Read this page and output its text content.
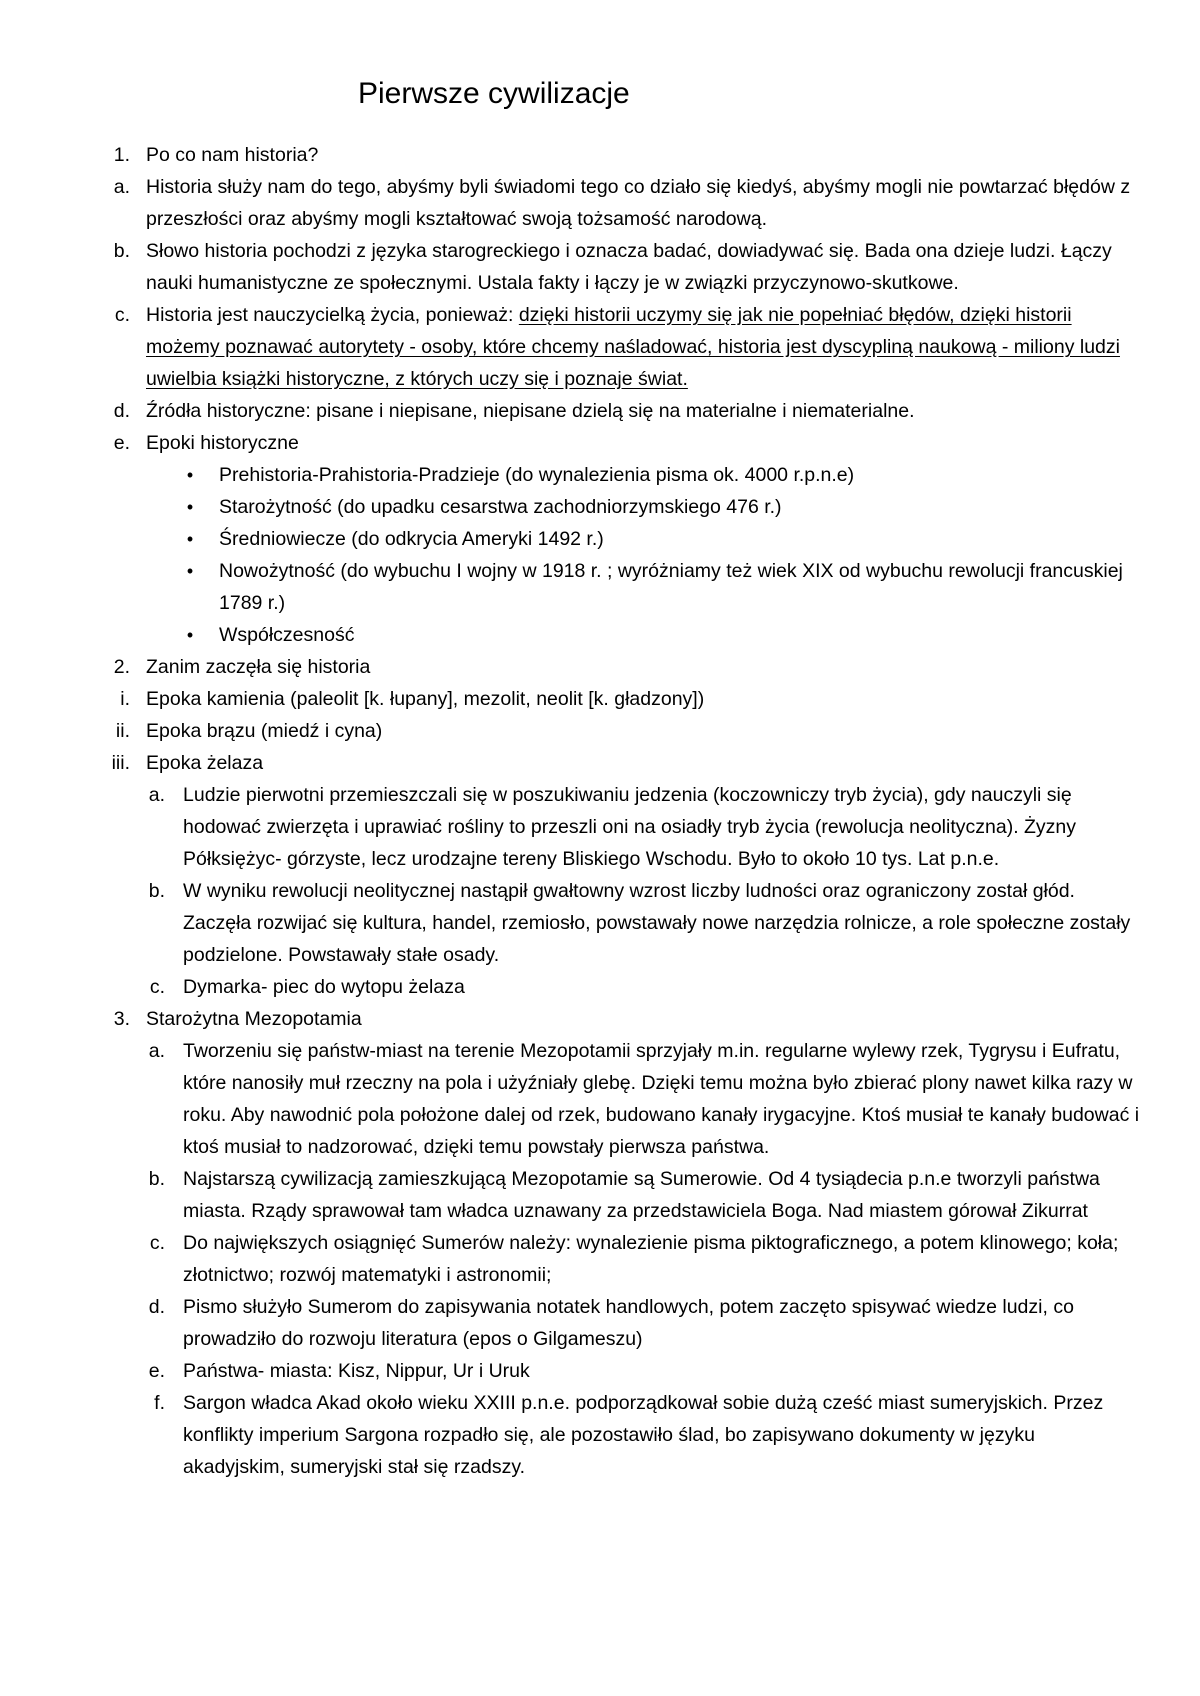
Pierwsze cywilizacje
1. Po co nam historia?
a. Historia służy nam do tego, abyśmy byli świadomi tego co działo się kiedyś, abyśmy mogli nie powtarzać błędów z przeszłości oraz abyśmy mogli kształtować swoją tożsamość narodową.
b. Słowo historia pochodzi z języka starogreckiego i oznacza badać, dowiadywać się. Bada ona dzieje ludzi. Łączy nauki humanistyczne ze społecznymi. Ustala fakty i łączy je w związki przyczynowo-skutkowe.
c. Historia jest nauczycielką życia, ponieważ: dzięki historii uczymy się jak nie popełniać błędów, dzięki historii możemy poznawać autorytety - osoby, które chcemy naśladować, historia jest dyscypliną naukową - miliony ludzi uwielbia książki historyczne, z których uczy się i poznaje świat.
d. Źródła historyczne: pisane i niepisane, niepisane dzielą się na materialne i niematerialne.
e. Epoki historyczne
•	Prehistoria-Prahistoria-Pradzieje (do wynalezienia pisma ok. 4000 r.p.n.e)
•	Starożytność (do upadku cesarstwa zachodniorzymskiego 476 r.)
•	Średniowiecze (do odkrycia Ameryki 1492 r.)
•	Nowożytność (do wybuchu I wojny w 1918 r. ; wyróżniamy też wiek XIX od wybuchu rewolucji francuskiej 1789 r.)
•	Współczesność
2. Zanim zaczęła się historia
i. Epoka kamienia (paleolit [k. łupany], mezolit, neolit [k. gładzony])
ii. Epoka brązu (miedź i cyna)
iii. Epoka żelaza
a. Ludzie pierwotni przemieszczali się w poszukiwaniu jedzenia (koczowniczy tryb życia), gdy nauczyli się hodować zwierzęta i uprawiać rośliny to przeszli oni na osiadły tryb życia (rewolucja neolityczna). Żyzny Półksiężyc- górzyste, lecz urodzajne tereny Bliskiego Wschodu. Było to około 10 tys. Lat p.n.e.
b. W wyniku rewolucji neolitycznej nastąpił gwałtowny wzrost liczby ludności oraz ograniczony został głód. Zaczęła rozwijać się kultura, handel, rzemiosło, powstawały nowe narzędzia rolnicze, a role społeczne zostały podzielone. Powstawały stałe osady.
c. Dymarka- piec do wytopu żelaza
3. Starożytna Mezopotamia
a. Tworzeniu się państw-miast na terenie Mezopotamii sprzyjały m.in. regularne wylewy rzek, Tygrysu i Eufratu, które nanosiły muł rzeczny na pola i użyźniały glebę. Dzięki temu można było zbierać plony nawet kilka razy w roku. Aby nawodnić pola położone dalej od rzek, budowano kanały irygacyjne. Ktoś musiał te kanały budować i ktoś musiał to nadzorować, dzięki temu powstały pierwsza państwa.
b. Najstarszą cywilizacją zamieszkującą Mezopotamie są Sumerowie. Od 4 tysiądecia p.n.e tworzyli państwa miasta. Rządy sprawował tam władca uznawany za przedstawiciela Boga. Nad miastem górował Zikurrat
c. Do największych osiągnięć Sumerów należy: wynalezienie pisma piktograficznego, a potem klinowego; koła; złotnictwo; rozwój matematyki i astronomii;
d. Pismo służyło Sumerom do zapisywania notatek handlowych, potem zaczęto spisywać wiedze ludzi, co prowadziło do rozwoju literatura (epos o Gilgameszu)
e. Państwa- miasta: Kisz, Nippur, Ur i Uruk
f. Sargon władca Akad około wieku XXIII p.n.e. podporządkował sobie dużą cześć miast sumeryjskich. Przez konflikty imperium Sargona rozpadło się, ale pozostawiło ślad, bo zapisywano dokumenty w języku akadyjskim, sumeryjski stał się rzadszy.
